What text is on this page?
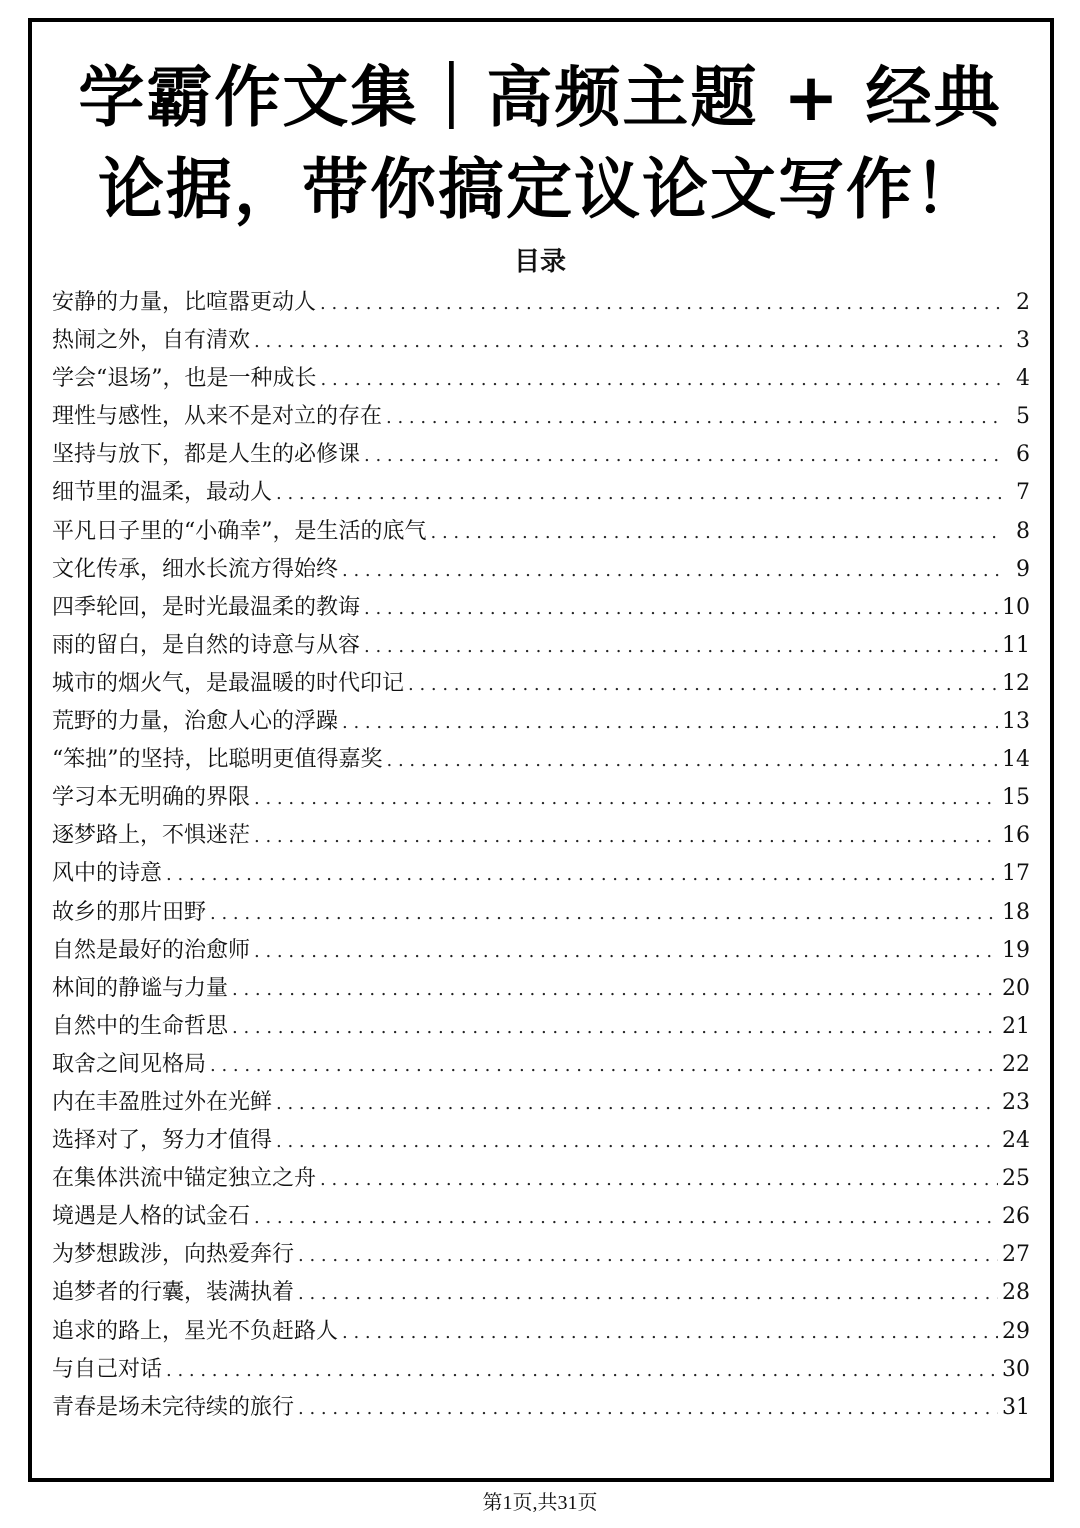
学霸作文集｜高频主题 + 经典论据，带你搞定议论文写作！
目录
安静的力量，比喧嚣更动人 . . .	2
热闹之外，自有清欢 . . .	3
学会“退场”，也是一种成长 . . .	4
理性与感性，从来不是对立的存在 . . .	5
坚持与放下，都是人生的必修课 . . .	6
细节里的温柔，最动人 . . .	7
平凡日子里的“小确幸”，是生活的底气 . . .	8
文化传承，细水长流方得始终 . . .	9
四季轮回，是时光最温柔的教诲 . . .	10
雨的留白，是自然的诗意与从容 . . .	11
城市的烟火气，是最温暖的时代印记 . . .	12
荒野的力量，治愈人心的浮躁 . . .	13
“笨拙”的坚持，比聪明更值得嘉奖 . . .	14
学习本无明确的界限 . . .	15
逐梦路上，不惧迷茫 . . .	16
风中的诗意 . . .	17
故乡的那片田野 . . .	18
自然是最好的治愈师 . . .	19
林间的静谧与力量 . . .	20
自然中的生命哲思 . . .	21
取舍之间见格局 . . .	22
内在丰盈胜过外在光鲜 . . .	23
选择对了，努力才值得 . . .	24
在集体洪流中锚定独立之舟 . . .	25
境遇是人格的试金石 . . .	26
为梦想跋涉，向热爱奔行 . . .	27
追梦者的行囊，装满执着 . . .	28
追求的路上，星光不负赶路人 . . .	29
与自己对话 . . .	30
青春是场未完待续的旅行 . . .	31
第1页,共31页
